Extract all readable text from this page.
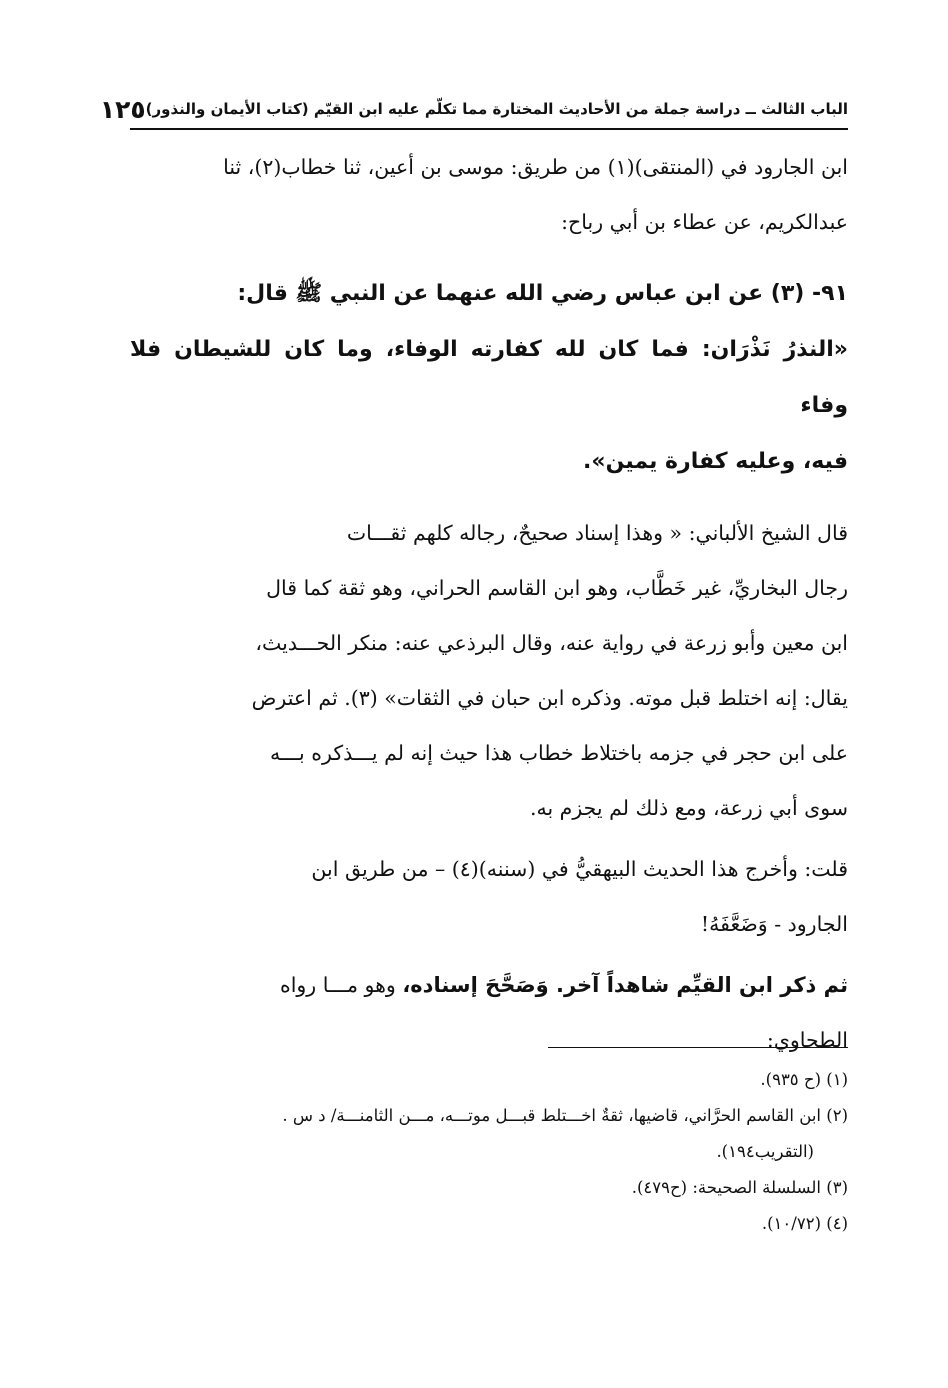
الباب الثالث ــ دراسة جملة من الأحاديث المختارة مما تكلّم عليه ابن القيّم (كتاب الأيمان والنذور)
١٢٥

ابن الجارود في (المنتقى)(١) من طريق: موسى بن أعين، ثنا خطاب(٢)، ثنا

عبدالكريم، عن عطاء بن أبي رباح:

٩١- (٣) عن ابن عباس رضي الله عنهما عن النبي ﷺ قال:

«النذرُ نَذْرَان: فما كان لله كفارته الوفاء، وما كان للشيطان فلا وفاء

فيه، وعليه كفارة يمين».

قال الشيخ الألباني: « وهذا إسناد صحيحٌ، رجاله كلهم ثقـــات

رجال البخاريِّ، غير خَطَّاب، وهو ابن القاسم الحراني، وهو ثقة كما قال

ابن معين وأبو زرعة في رواية عنه، وقال البرذعي عنه: منكر الحـــديث،

يقال: إنه اختلط قبل موته. وذكره ابن حبان في الثقات» (٣). ثم اعترض

على ابن حجر في جزمه باختلاط خطاب هذا حيث إنه لم يـــذكره بـــه

سوى أبي زرعة، ومع ذلك لم يجزم به.

قلت: وأخرج هذا الحديث البيهقيُّ في (سننه)(٤) – من طريق ابن

الجارود - وَضَعَّفَهُ!

ثم ذكر ابن القيِّم شاهداً آخر. وَصَحَّحَ إسناده، وهو مـــا رواه

الطحاوي:

(١) (ح ٩٣٥).

(٢) ابن القاسم الحرَّاني، قاضيها، ثقةٌ اخـــتلط قبـــل موتـــه، مـــن الثامنـــة/ د س .

(التقريب١٩٤).

(٣) السلسلة الصحيحة: (ح٤٧٩).

(٤) (١٠/٧٢).
